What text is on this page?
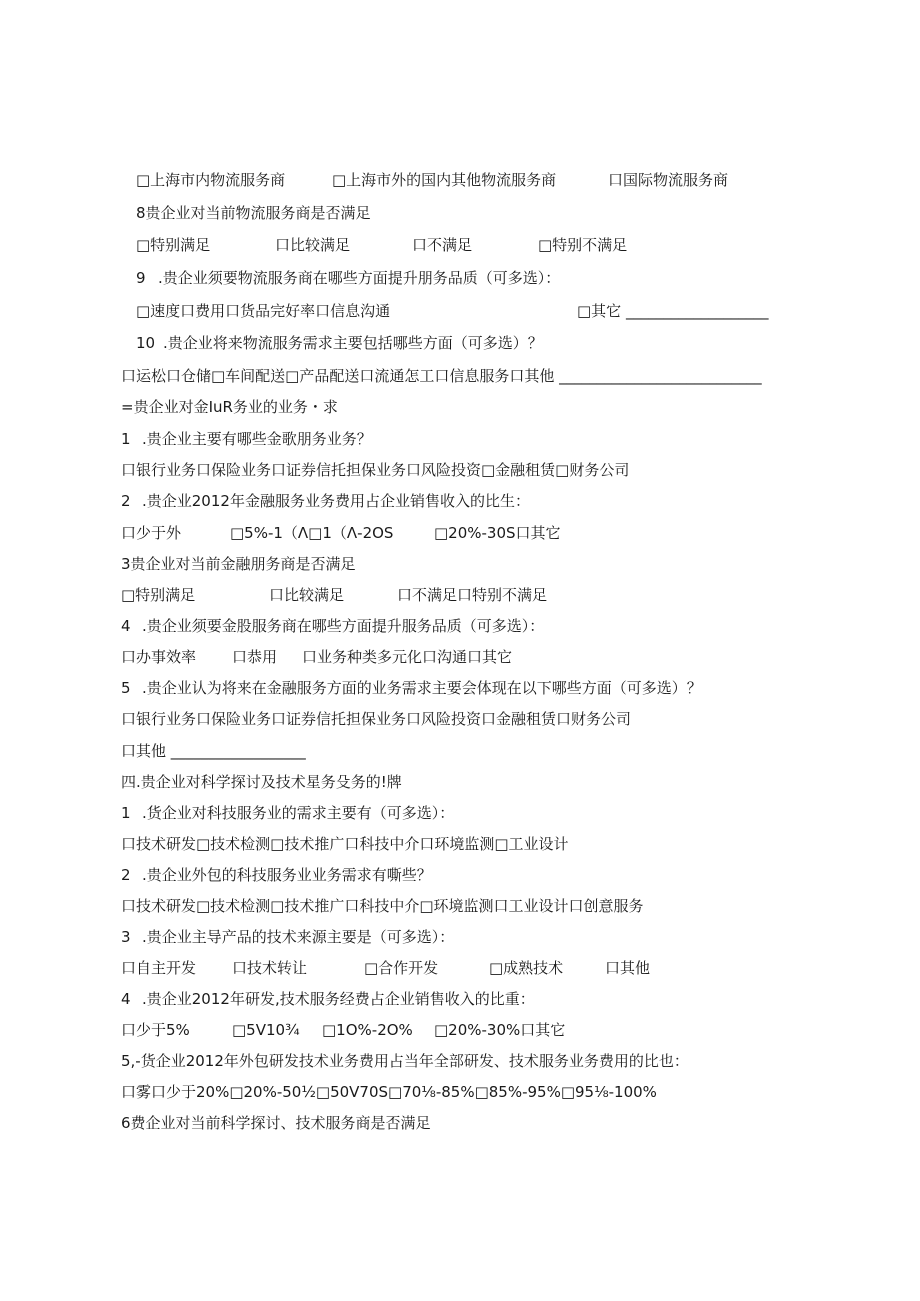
□上海市内物流服务商	□上海市外的国内其他物流服务商	口国际物流服务商
8贵企业对当前物流服务商是否满足
□特别满足	口比较满足	口不满足	□特别不满足
9 .贵企业须要物流服务商在哪些方面提升朋务品质（可多选）：
□速度口费用口货品完好率口信息沟通	□其它 ___________________
10 .贵企业将来物流服务需求主要包括哪些方面（可多选）？
口运松口仓储□车间配送□产品配送口流通怎工口信息服务口其他 ___________________________
=贵企业对金IuR务业的业务・求
1 .贵企业主要有哪些金歌朋务业务？
口银行业务口保险业务口证券信托担保业务口风险投资□金融租赁□财务公司
2 .贵企业2012年金融服务业务费用占企业销售收入的比生：
口少于外	□5%-1（Λ□1（Λ-2OS	□20%-30S口其它
3贵企业对当前金融朋务商是否满足
□特别满足	口比较满足	口不满足口特别不满足
4 .贵企业须要金股服务商在哪些方面提升服务品质（可多选）：
口办事效率 口恭用 口业务种类多元化口沟通口其它
5 .贵企业认为将来在金融服务方面的业务需求主要会体现在以下哪些方面（可多选）？
口银行业务口保险业务口证券信托担保业务口风险投资口金融租赁口财务公司
口其他 __________________
四.贵企业对科学探讨及技术星务殳务的!牌
1 .货企业对科技服务业的需求主要有（可多选）：
口技术研发□技术检测□技术推广口科技中介口环境监测□工业设计
2 .贵企业外包的科技服务业业务需求有嘶些？
口技术研发□技术检测□技术推广口科技中介□环境监测口工业设计口创意服务
3 .贵企业主导产品的技术来源主要是（可多选）：
口自主开发 口技术转让	□合作开发	□成熟技术	口其他
4 .贵企业2012年研发,技术服务经费占企业销售收入的比重：
口少于5%	□5V10¾ □1O%-2O% □20%-30%口其它
5,-货企业2012年外包研发技术业务费用占当年全部研发、技术服务业务费用的比也：
口雾口少于20%□20%-50½□50V70S□70⅛-85%□85%-95%□95⅛-100%
6费企业对当前科学探讨、技术服务商是否满足
